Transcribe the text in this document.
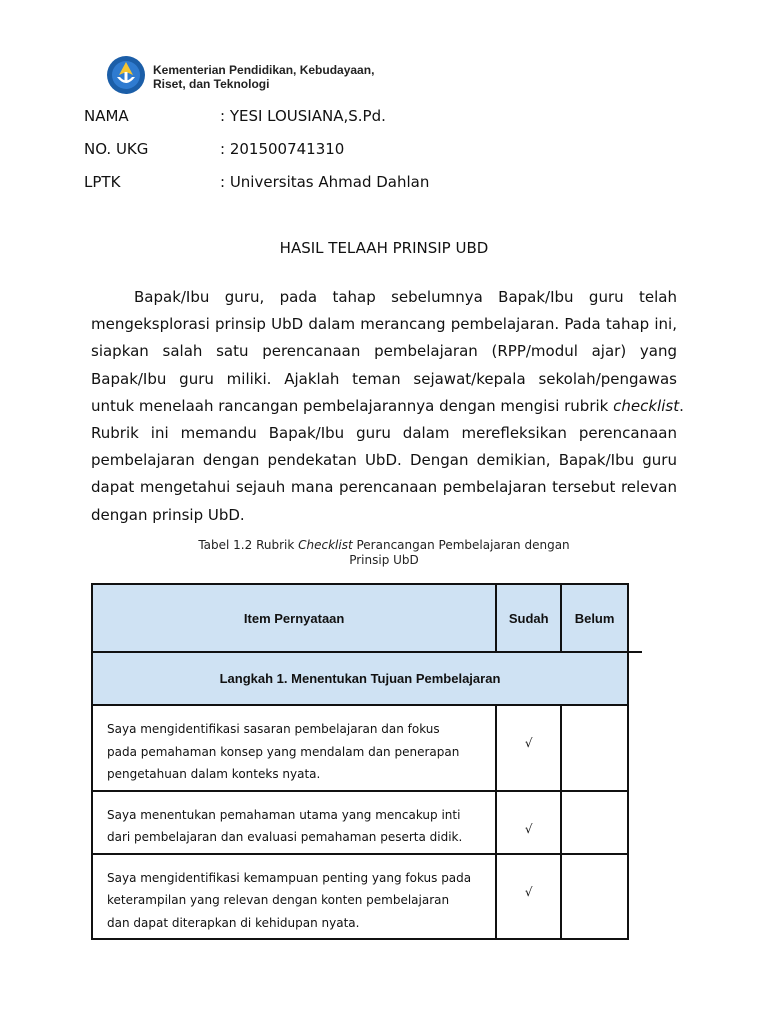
Kementerian Pendidikan, Kebudayaan,
Riset, dan Teknologi
NAMA	: YESI LOUSIANA,S.Pd.
NO. UKG	: 201500741310
LPTK	: Universitas Ahmad Dahlan
HASIL TELAAH PRINSIP UBD
Bapak/Ibu guru, pada tahap sebelumnya Bapak/Ibu guru telah
mengeksplorasi prinsip UbD dalam merancang pembelajaran. Pada tahap ini,
siapkan salah satu perencanaan pembelajaran (RPP/modul ajar) yang
Bapak/Ibu guru miliki. Ajaklah teman sejawat/kepala sekolah/pengawas
untuk menelaah rancangan pembelajarannya dengan mengisi rubrik checklist.
Rubrik ini memandu Bapak/Ibu guru dalam merefleksikan perencanaan
pembelajaran dengan pendekatan UbD. Dengan demikian, Bapak/Ibu guru
dapat mengetahui sejauh mana perencanaan pembelajaran tersebut relevan
dengan prinsip UbD.
Tabel 1.2 Rubrik Checklist Perancangan Pembelajaran dengan
Prinsip UbD
Item Pernyataan	Sudah	Belum
Langkah 1. Menentukan Tujuan Pembelajaran		

Saya mengidentifikasi sasaran pembelajaran dan fokus
pada pemahaman konsep yang mendalam dan penerapan
pengetahuan dalam konteks nyata.	√	

Saya menentukan pemahaman utama yang mencakup inti
dari pembelajaran dan evaluasi pemahaman peserta didik.	√	

Saya mengidentifikasi kemampuan penting yang fokus pada
keterampilan yang relevan dengan konten pembelajaran
dan dapat diterapkan di kehidupan nyata.	√	
